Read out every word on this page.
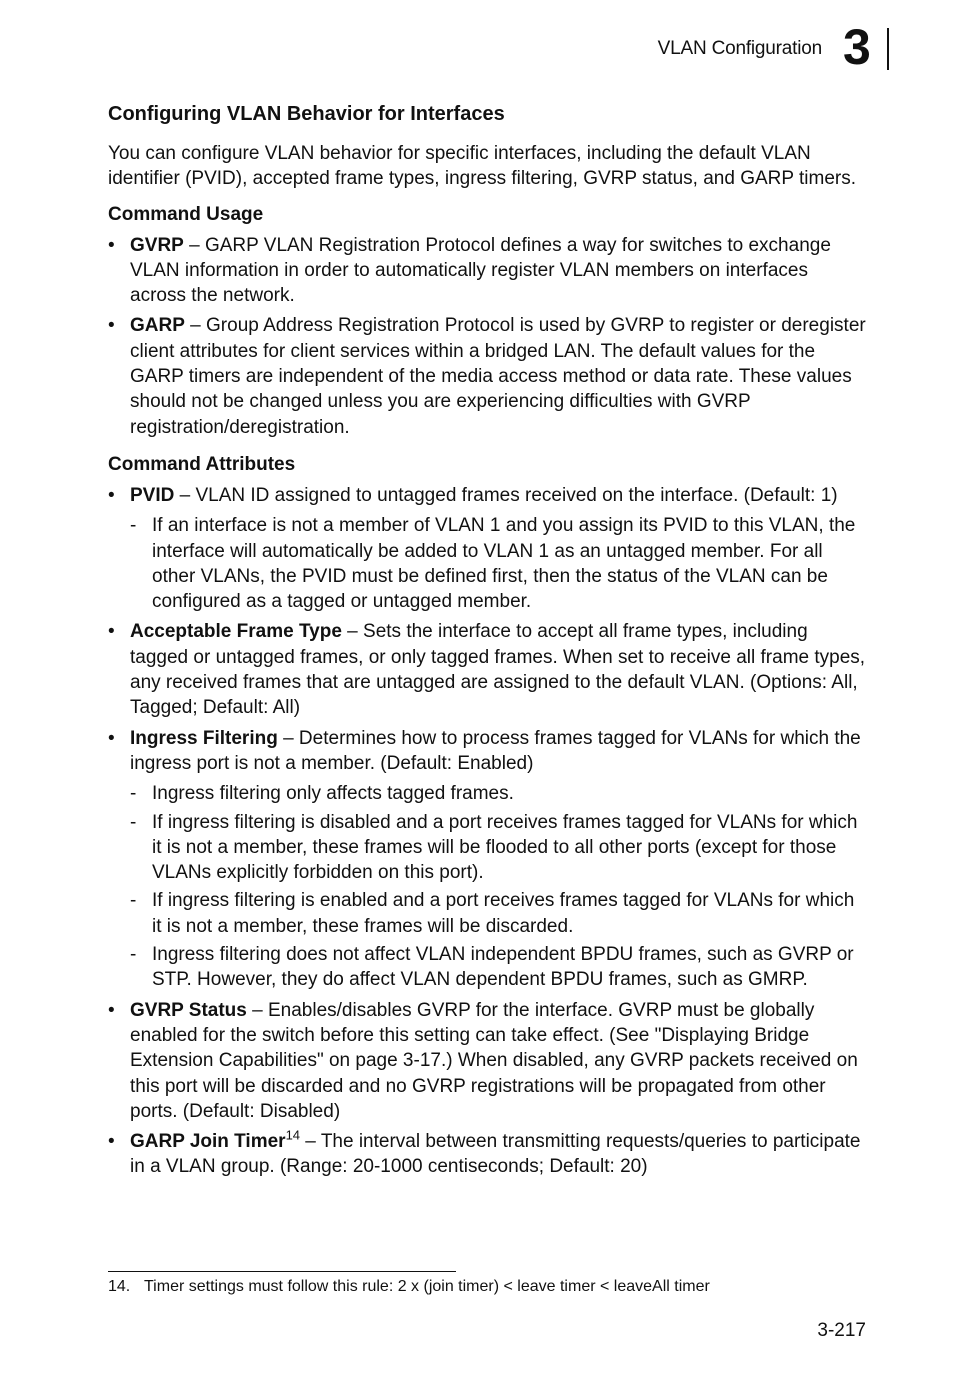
VLAN Configuration 3
Configuring VLAN Behavior for Interfaces

You can configure VLAN behavior for specific interfaces, including the default VLAN identifier (PVID), accepted frame types, ingress filtering, GVRP status, and GARP timers.

Command Usage
• GVRP – GARP VLAN Registration Protocol defines a way for switches to exchange VLAN information in order to automatically register VLAN members on interfaces across the network.
• GARP – Group Address Registration Protocol is used by GVRP to register or deregister client attributes for client services within a bridged LAN. The default values for the GARP timers are independent of the media access method or data rate. These values should not be changed unless you are experiencing difficulties with GVRP registration/deregistration.
Command Attributes
• PVID – VLAN ID assigned to untagged frames received on the interface. (Default: 1)
- If an interface is not a member of VLAN 1 and you assign its PVID to this VLAN, the interface will automatically be added to VLAN 1 as an untagged member. For all other VLANs, the PVID must be defined first, then the status of the VLAN can be configured as a tagged or untagged member.
• Acceptable Frame Type – Sets the interface to accept all frame types, including tagged or untagged frames, or only tagged frames. When set to receive all frame types, any received frames that are untagged are assigned to the default VLAN. (Options: All, Tagged; Default: All)
• Ingress Filtering – Determines how to process frames tagged for VLANs for which the ingress port is not a member. (Default: Enabled)
- Ingress filtering only affects tagged frames.
- If ingress filtering is disabled and a port receives frames tagged for VLANs for which it is not a member, these frames will be flooded to all other ports (except for those VLANs explicitly forbidden on this port).
- If ingress filtering is enabled and a port receives frames tagged for VLANs for which it is not a member, these frames will be discarded.
- Ingress filtering does not affect VLAN independent BPDU frames, such as GVRP or STP. However, they do affect VLAN dependent BPDU frames, such as GMRP.
• GVRP Status – Enables/disables GVRP for the interface. GVRP must be globally enabled for the switch before this setting can take effect. (See "Displaying Bridge Extension Capabilities" on page 3-17.) When disabled, any GVRP packets received on this port will be discarded and no GVRP registrations will be propagated from other ports. (Default: Disabled)
• GARP Join Timer$^{14}$ – The interval between transmitting requests/queries to participate in a VLAN group. (Range: 20-1000 centiseconds; Default: 20)
14. Timer settings must follow this rule: 2 x (join timer) < leave timer < leaveAll timer
3-217
